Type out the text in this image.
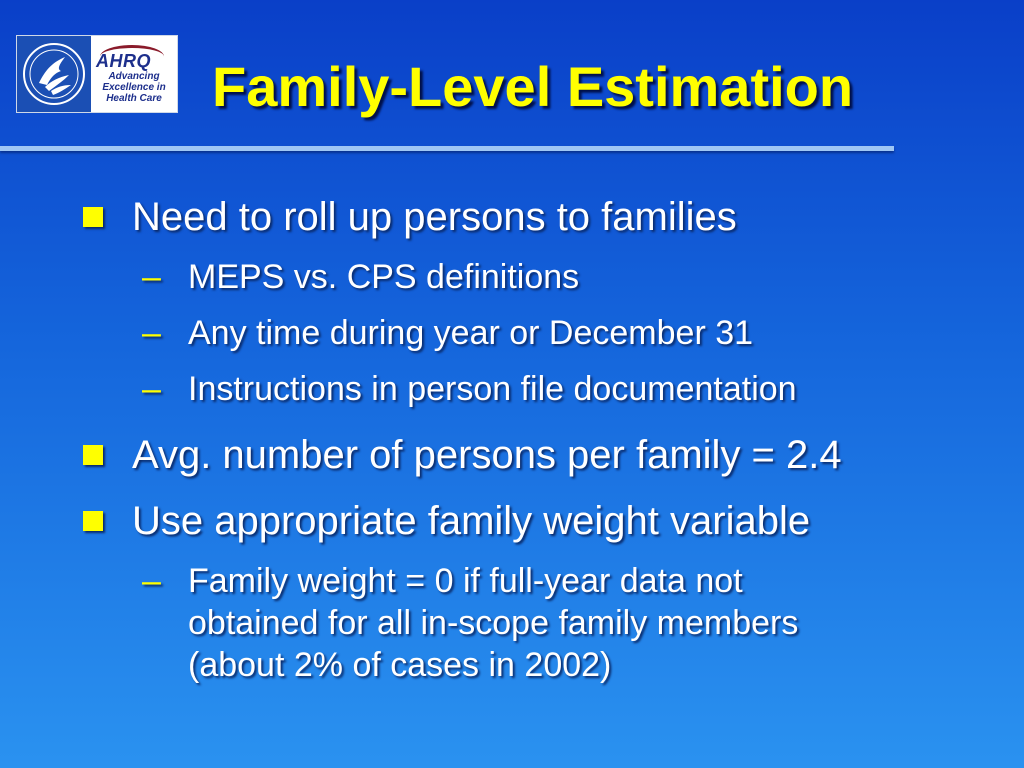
AHRQ
Advancing
Excellence in
Health Care Family-Level Estimation
Need to roll up persons to families
– MEPS vs. CPS definitions
– Any time during year or December 31
– Instructions in person file documentation
Avg. number of persons per family = 2.4
Use appropriate family weight variable
– Family weight = 0 if full-year data not
obtained for all in-scope family members
(about 2% of cases in 2002)
